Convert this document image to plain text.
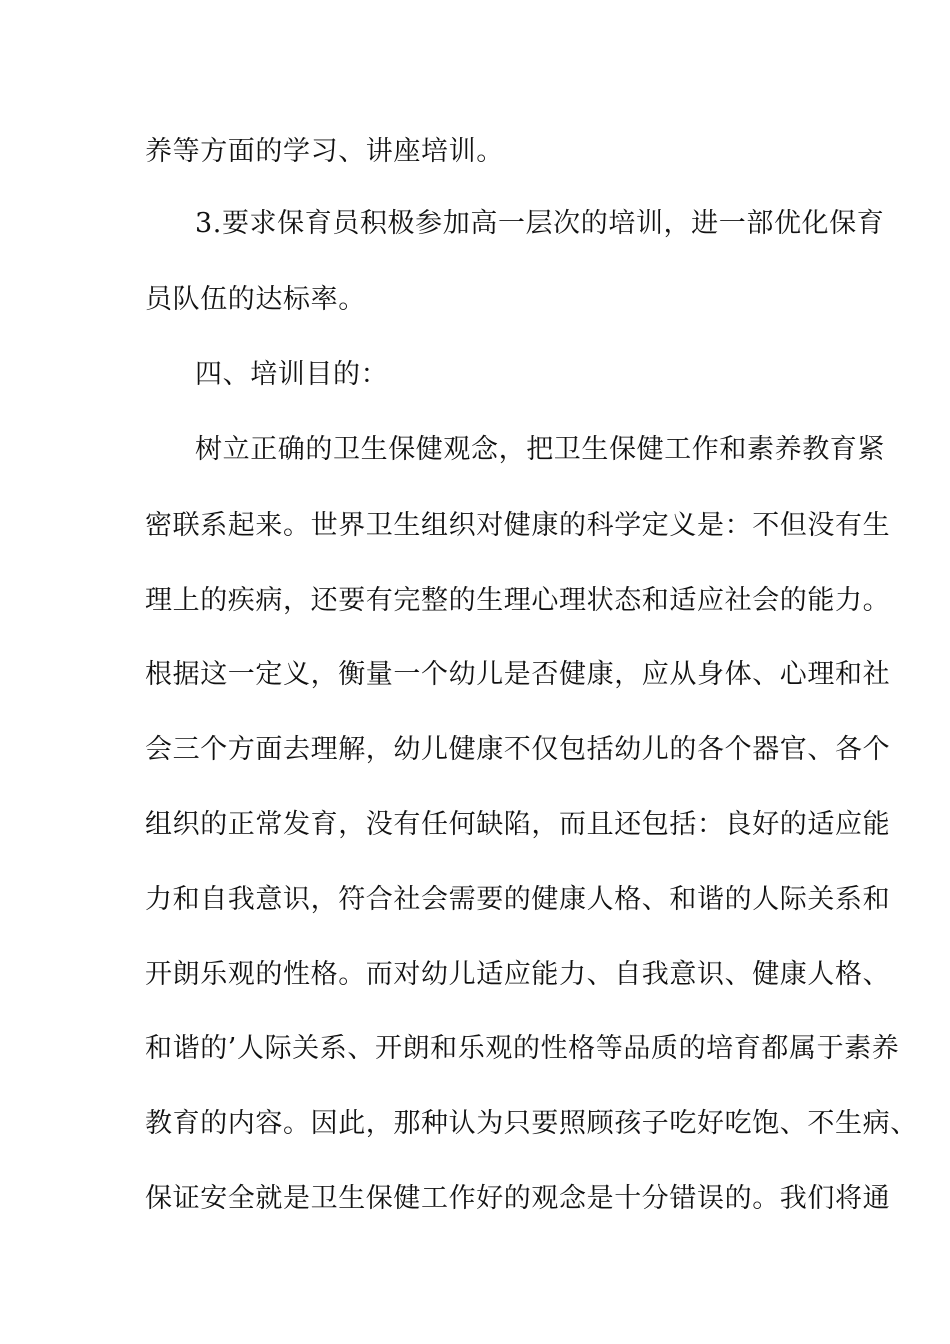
养等方面的学习、讲座培训。
3.要求保育员积极参加高一层次的培训，进一部优化保育
员队伍的达标率。
四、培训目的：
树立正确的卫生保健观念，把卫生保健工作和素养教育紧
密联系起来。世界卫生组织对健康的科学定义是：不但没有生
理上的疾病，还要有完整的生理心理状态和适应社会的能力。
根据这一定义，衡量一个幼儿是否健康，应从身体、心理和社
会三个方面去理解，幼儿健康不仅包括幼儿的各个器官、各个
组织的正常发育，没有任何缺陷，而且还包括：良好的适应能
力和自我意识，符合社会需要的健康人格、和谐的人际关系和
开朗乐观的性格。而对幼儿适应能力、自我意识、健康人格、
和谐的’人际关系、开朗和乐观的性格等品质的培育都属于素养
教育的内容。因此，那种认为只要照顾孩子吃好吃饱、不生病、
保证安全就是卫生保健工作好的观念是十分错误的。我们将通
